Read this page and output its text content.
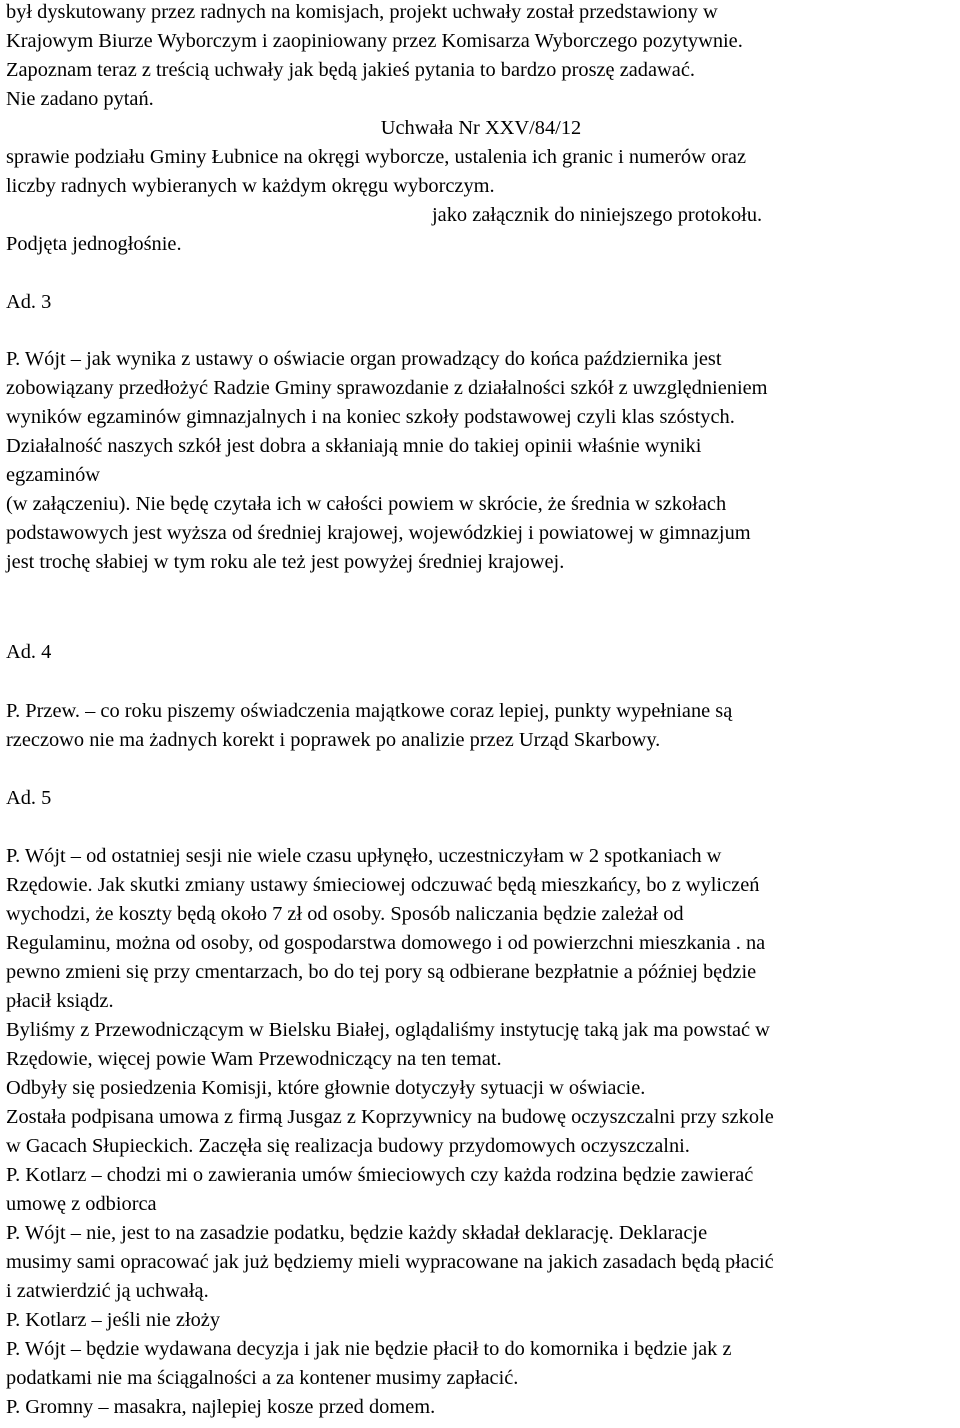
był dyskutowany przez radnych na komisjach, projekt uchwały został przedstawiony w
Krajowym Biurze Wyborczym i zaopiniowany przez Komisarza Wyborczego pozytywnie.
Zapoznam teraz z treścią uchwały jak będą jakieś pytania to bardzo proszę zadawać.
Nie zadano pytań.
Uchwała Nr XXV/84/12
sprawie podziału Gminy Łubnice na okręgi wyborcze, ustalenia ich granic i numerów oraz
liczby radnych wybieranych w każdym okręgu wyborczym.
jako załącznik do niniejszego protokołu.
Podjęta jednogłośnie.
Ad. 3
P. Wójt – jak wynika z ustawy o oświacie organ prowadzący do końca października jest
zobowiązany przedłożyć Radzie Gminy sprawozdanie z działalności szkół z uwzględnieniem
wyników egzaminów gimnazjalnych i na koniec szkoły podstawowej czyli klas szóstych.
Działalność naszych szkół jest dobra a skłaniają mnie do takiej opinii właśnie wyniki
egzaminów
(w załączeniu). Nie będę czytała ich w całości powiem w skrócie, że średnia w szkołach
podstawowych jest wyższa od średniej krajowej, wojewódzkiej i powiatowej w gimnazjum
jest trochę słabiej w tym roku ale też jest powyżej średniej krajowej.
Ad. 4
P. Przew. – co roku piszemy oświadczenia majątkowe coraz lepiej, punkty wypełniane są
rzeczowo nie ma żadnych korekt i poprawek po analizie przez Urząd Skarbowy.
Ad. 5
P. Wójt – od ostatniej sesji nie wiele czasu upłynęło, uczestniczyłam w 2 spotkaniach w
Rzędowie. Jak skutki zmiany ustawy śmieciowej odczuwać będą mieszkańcy, bo z wyliczeń
wychodzi, że koszty będą około 7 zł od osoby. Sposób naliczania będzie zależał od
Regulaminu, można od osoby, od gospodarstwa domowego i od powierzchni mieszkania . na
pewno zmieni się przy cmentarzach, bo do tej pory są odbierane bezpłatnie a później będzie
płacił ksiądz.
Byliśmy z Przewodniczącym w Bielsku Białej, oglądaliśmy instytucję taką jak ma powstać w
Rzędowie, więcej powie Wam Przewodniczący na ten temat.
Odbyły się posiedzenia Komisji, które głownie dotyczyły sytuacji w oświacie.
Została podpisana umowa z firmą Jusgaz z Koprzywnicy na budowę oczyszczalni przy szkole
w Gacach Słupieckich. Zaczęła się realizacja budowy przydomowych oczyszczalni.
P. Kotlarz – chodzi mi o zawierania umów śmieciowych czy każda rodzina będzie zawierać
umowę z odbiorca
P. Wójt – nie, jest to na zasadzie podatku, będzie każdy składał deklarację. Deklaracje
musimy sami opracować jak już będziemy mieli wypracowane na jakich zasadach będą płacić
i zatwierdzić ją uchwałą.
P. Kotlarz – jeśli nie złoży
P. Wójt – będzie wydawana decyzja i jak nie będzie płacił to do komornika i będzie jak z
podatkami nie ma ściągalności a za kontener musimy zapłacić.
P. Gromny – masakra, najlepiej kosze przed domem.
